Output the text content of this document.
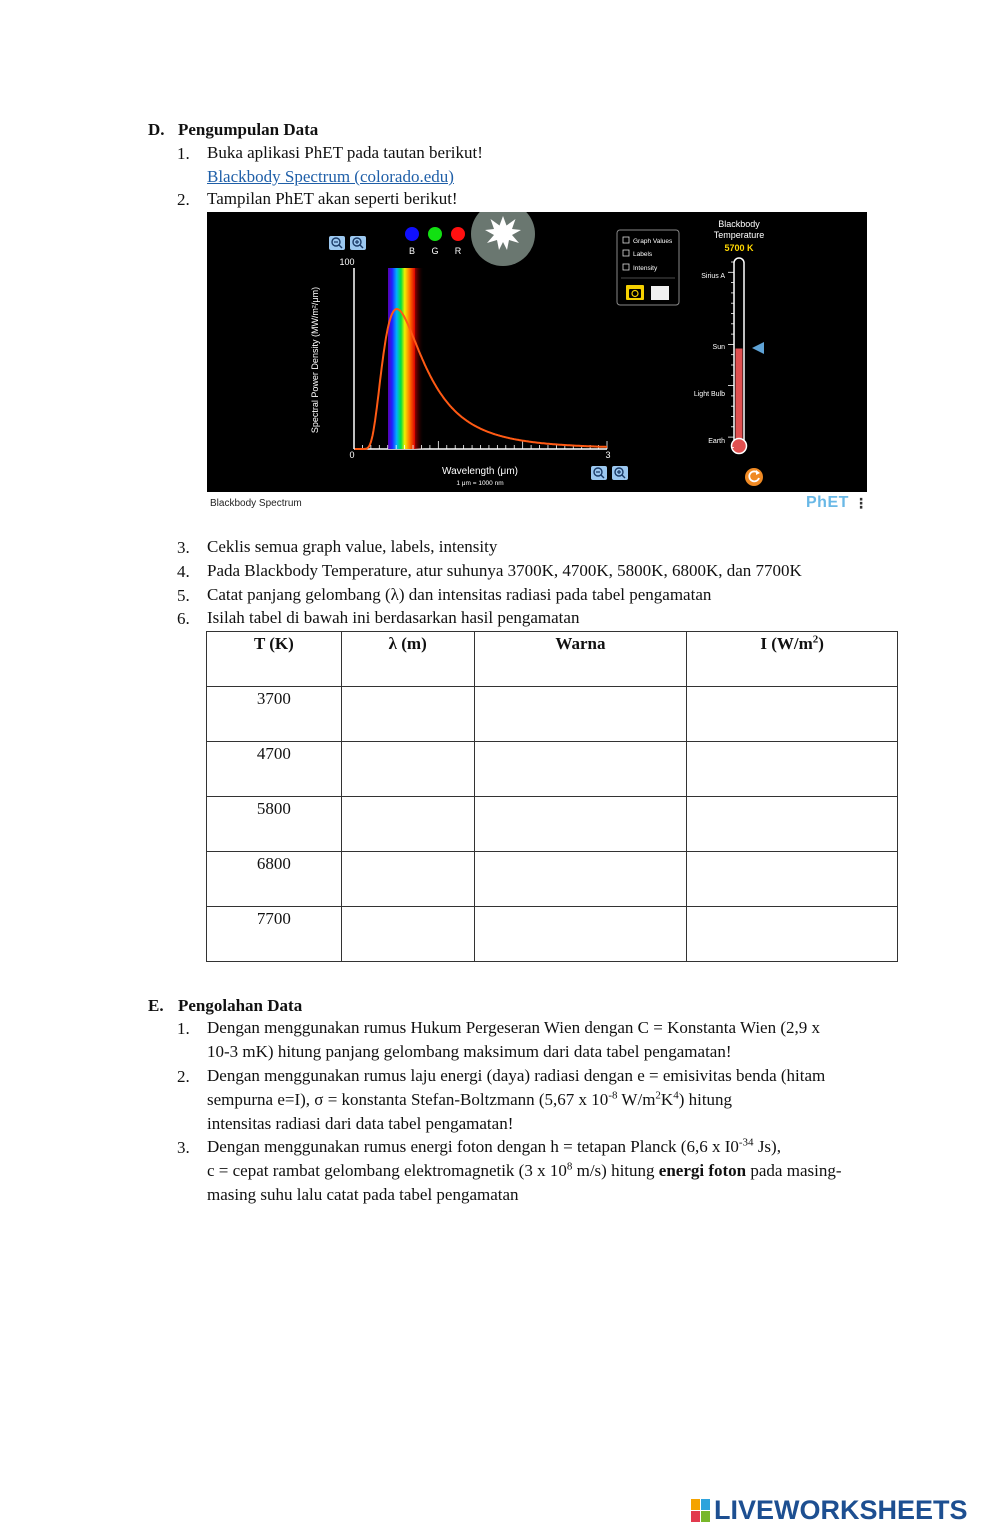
D. Pengumpulan Data
1. Buka aplikasi PhET pada tautan berikut!
Blackbody Spectrum (colorado.edu)
2. Tampilan PhET akan seperti berikut!
B G R
100
0	3
Spectral Power Density (MW/m²/μm)
Wavelength (μm)
1 μm = 1000 nm
Graph Values
Labels
Intensity
Blackbody
Temperature
5700 K
Sirius A
Sun
Light Bulb
Earth
Blackbody Spectrum	PhET ⋮
3. Ceklis semua graph value, labels, intensity
4. Pada Blackbody Temperature, atur suhunya 3700K, 4700K, 5800K, 6800K, dan 7700K
5. Catat panjang gelombang (λ) dan intensitas radiasi pada tabel pengamatan
6. Isilah tabel di bawah ini berdasarkan hasil pengamatan
T (K)	λ (m)	Warna	I $(W/m^2)$
3700			
4700			
5800			
6800			
7700			
E. Pengolahan Data
1. Dengan menggunakan rumus Hukum Pergeseran Wien dengan C = Konstanta Wien (2,9 x
10-3 mK) hitung panjang gelombang maksimum dari data tabel pengamatan!
2. Dengan menggunakan rumus laju energi (daya) radiasi dengan e = emisivitas benda (hitam
sempurna e=I), σ = konstanta Stefan-Boltzmann (5,67 x $10^{-8}$ $W/m^2K^4$) hitung
intensitas radiasi dari data tabel pengamatan!
3. Dengan menggunakan rumus energi foton dengan h = tetapan Planck (6,6 x $I0^{-34}$ Js),
c = cepat rambat gelombang elektromagnetik (3 x $10^8$ m/s) hitung energi foton pada masing-
masing suhu lalu catat pada tabel pengamatan
LIVEWORKSHEETS
